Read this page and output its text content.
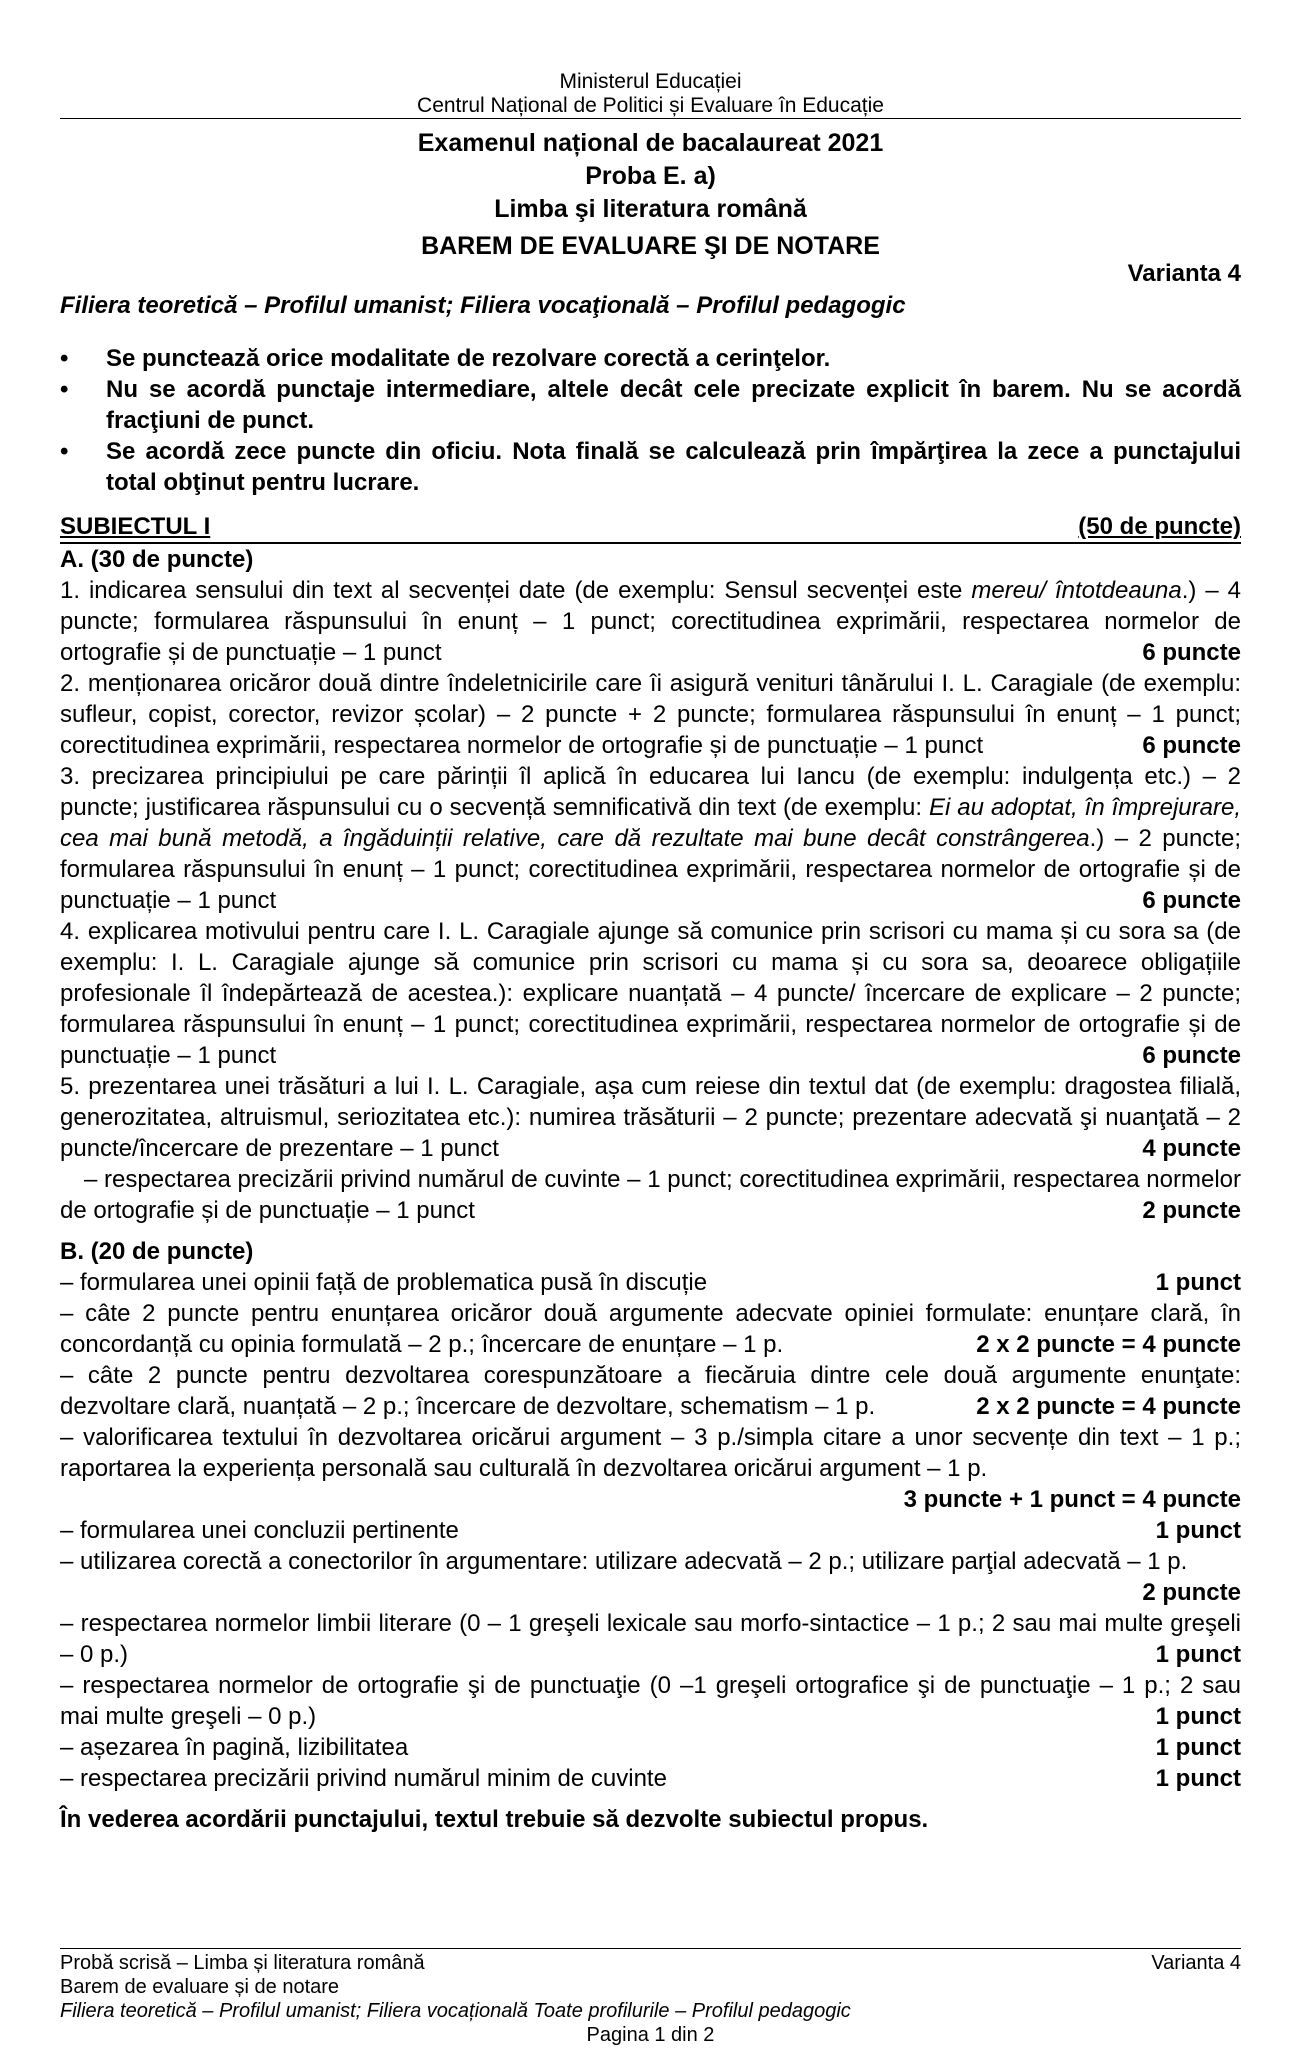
Ministerul Educației
Centrul Național de Politici și Evaluare în Educație
Examenul național de bacalaureat 2021
Proba E. a)
Limba şi literatura română
BAREM DE EVALUARE ŞI DE NOTARE
Filiera teoretică – Profilul umanist; Filiera vocaţională – Profilul pedagogic
Varianta 4
• Se punctează orice modalitate de rezolvare corectă a cerinţelor.
• Nu se acordă punctaje intermediare, altele decât cele precizate explicit în barem. Nu se acordă fracţiuni de punct.
• Se acordă zece puncte din oficiu. Nota finală se calculează prin împărţirea la zece a punctajului total obţinut pentru lucrare.
SUBIECTUL I	(50 de puncte)
A. (30 de puncte)
1. indicarea sensului din text al secvenței date (de exemplu: Sensul secvenței este mereu/ întotdeauna.) – 4 puncte; formularea răspunsului în enunț – 1 punct; corectitudinea exprimării, respectarea normelor de ortografie și de punctuație – 1 punct	6 puncte
2. menționarea oricăror două dintre îndeletnicirile care îi asigură venituri tânărului I. L. Caragiale (de exemplu: sufleur, copist, corector, revizor școlar) – 2 puncte + 2 puncte; formularea răspunsului în enunț – 1 punct; corectitudinea exprimării, respectarea normelor de ortografie și de punctuație – 1 punct	6 puncte
3. precizarea principiului pe care părinții îl aplică în educarea lui Iancu (de exemplu: indulgența etc.) – 2 puncte; justificarea răspunsului cu o secvență semnificativă din text (de exemplu: Ei au adoptat, în împrejurare, cea mai bună metodă, a îngăduinții relative, care dă rezultate mai bune decât constrângerea.) – 2 puncte; formularea răspunsului în enunț – 1 punct; corectitudinea exprimării, respectarea normelor de ortografie și de punctuație – 1 punct	6 puncte
4. explicarea motivului pentru care I. L. Caragiale ajunge să comunice prin scrisori cu mama și cu sora sa (de exemplu: I. L. Caragiale ajunge să comunice prin scrisori cu mama și cu sora sa, deoarece obligațiile profesionale îl îndepărtează de acestea.): explicare nuanțată – 4 puncte/ încercare de explicare – 2 puncte; formularea răspunsului în enunț – 1 punct; corectitudinea exprimării, respectarea normelor de ortografie și de punctuație – 1 punct	6 puncte
5. prezentarea unei trăsături a lui I. L. Caragiale, așa cum reiese din textul dat (de exemplu: dragostea filială, generozitatea, altruismul, seriozitatea etc.): numirea trăsăturii – 2 puncte; prezentare adecvată şi nuanţată – 2 puncte/încercare de prezentare – 1 punct	4 puncte
– respectarea precizării privind numărul de cuvinte – 1 punct; corectitudinea exprimării, respectarea normelor de ortografie și de punctuație – 1 punct	2 puncte
B. (20 de puncte)
– formularea unei opinii față de problematica pusă în discuție	1 punct
– câte 2 puncte pentru enunțarea oricăror două argumente adecvate opiniei formulate: enunțare clară, în concordanță cu opinia formulată – 2 p.; încercare de enunțare – 1 p.	2 x 2 puncte = 4 puncte
– câte 2 puncte pentru dezvoltarea corespunzătoare a fiecăruia dintre cele două argumente enunţate: dezvoltare clară, nuanțată – 2 p.; încercare de dezvoltare, schematism – 1 p.	2 x 2 puncte = 4 puncte
– valorificarea textului în dezvoltarea oricărui argument – 3 p./simpla citare a unor secvențe din text – 1 p.; raportarea la experiența personală sau culturală în dezvoltarea oricărui argument – 1 p.
3 puncte + 1 punct = 4 puncte
– formularea unei concluzii pertinente	1 punct
– utilizarea corectă a conectorilor în argumentare: utilizare adecvată – 2 p.; utilizare parţial adecvată – 1 p.
2 puncte
– respectarea normelor limbii literare (0 – 1 greşeli lexicale sau morfo-sintactice – 1 p.; 2 sau mai multe greşeli – 0 p.)	1 punct
– respectarea normelor de ortografie şi de punctuaţie (0 –1 greşeli ortografice şi de punctuaţie – 1 p.; 2 sau mai multe greşeli – 0 p.)	1 punct
– așezarea în pagină, lizibilitatea	1 punct
– respectarea precizării privind numărul minim de cuvinte	1 punct
În vederea acordării punctajului, textul trebuie să dezvolte subiectul propus.
Probă scrisă – Limba și literatura română	Varianta 4
Barem de evaluare și de notare
Filiera teoretică – Profilul umanist; Filiera vocațională Toate profilurile – Profilul pedagogic
Pagina 1 din 2
